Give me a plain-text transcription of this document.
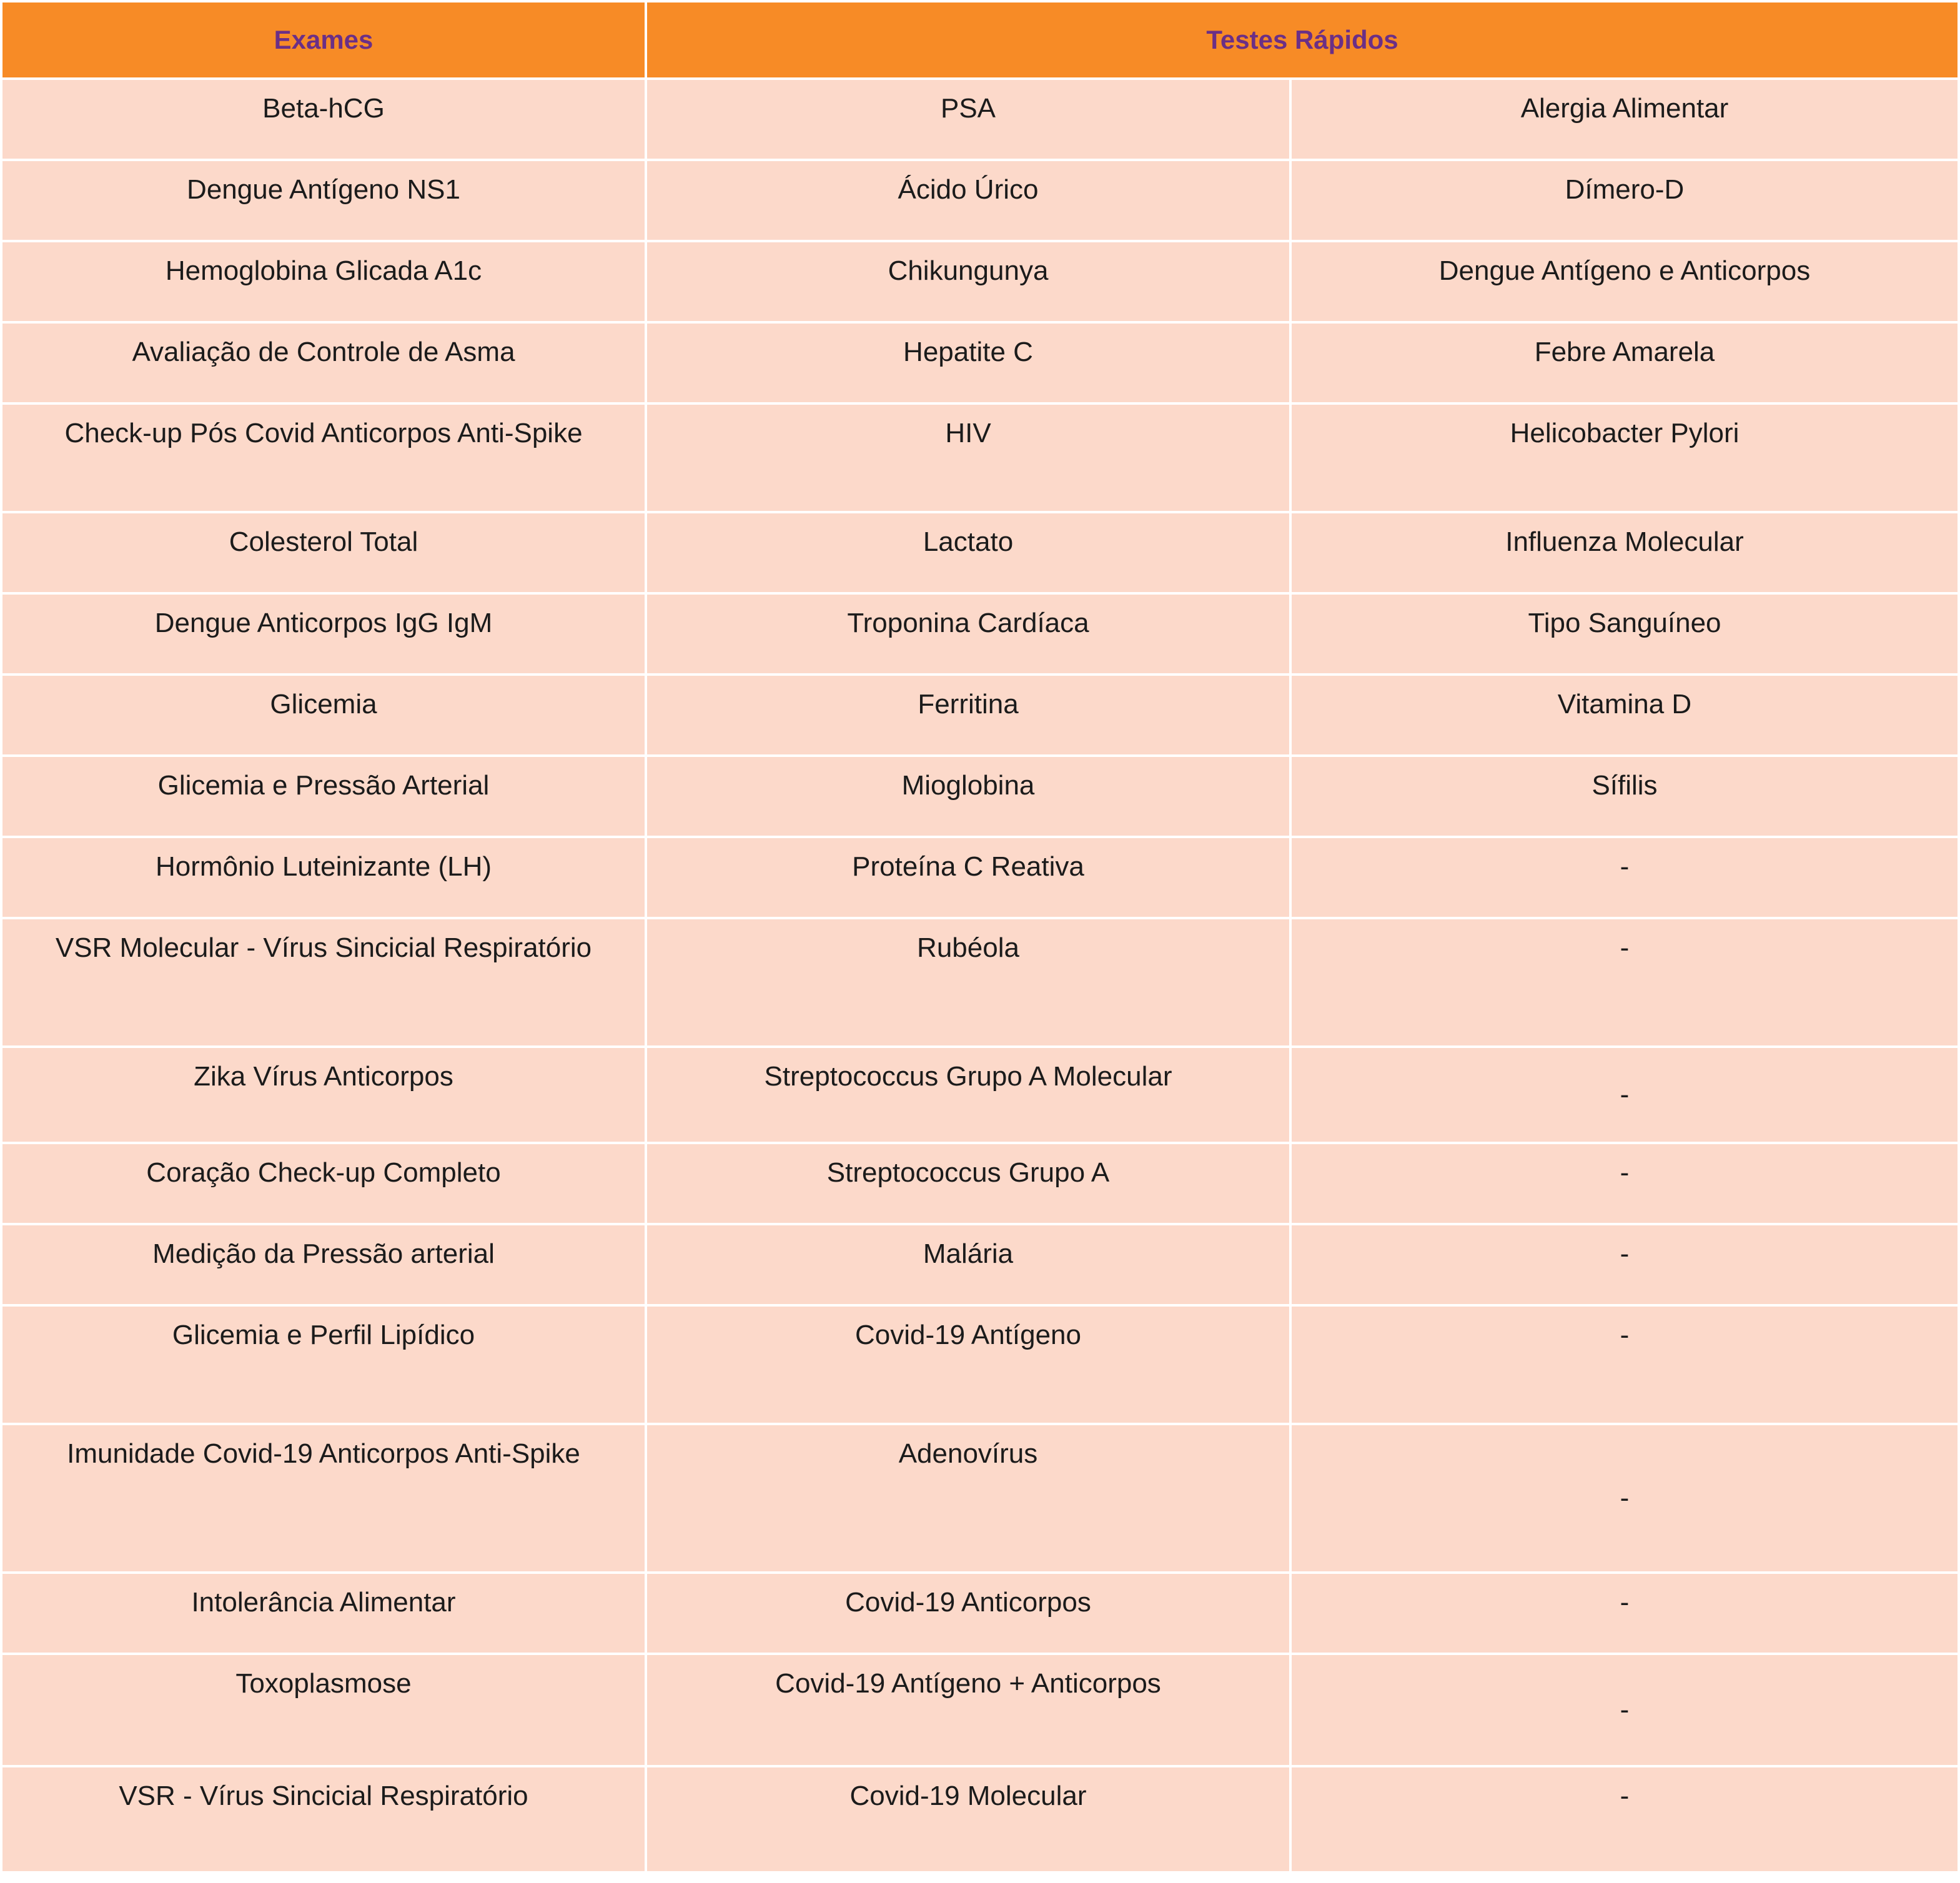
Exames	Testes Rápidos	
Beta-hCG	PSA	Alergia Alimentar
Dengue Antígeno NS1	Ácido Úrico	Dímero-D
Hemoglobina Glicada A1c	Chikungunya	Dengue Antígeno e Anticorpos
Avaliação de Controle de Asma	Hepatite C	Febre Amarela
Check-up Pós Covid Anticorpos Anti-Spike	HIV	Helicobacter Pylori
Colesterol Total	Lactato	Influenza Molecular
Dengue Anticorpos IgG IgM	Troponina Cardíaca	Tipo Sanguíneo
Glicemia	Ferritina	Vitamina D
Glicemia e Pressão Arterial	Mioglobina	Sífilis
Hormônio Luteinizante (LH)	Proteína C Reativa	-
VSR Molecular - Vírus Sincicial Respiratório	Rubéola	-
Zika Vírus Anticorpos	Streptococcus Grupo A Molecular	-
Coração Check-up Completo	Streptococcus Grupo A	-
Medição da Pressão arterial	Malária	-
Glicemia e Perfil Lipídico	Covid-19 Antígeno	-
Imunidade Covid-19 Anticorpos Anti-Spike	Adenovírus	-
Intolerância Alimentar	Covid-19 Anticorpos	-
Toxoplasmose	Covid-19 Antígeno + Anticorpos	-
VSR - Vírus Sincicial Respiratório	Covid-19 Molecular	-
